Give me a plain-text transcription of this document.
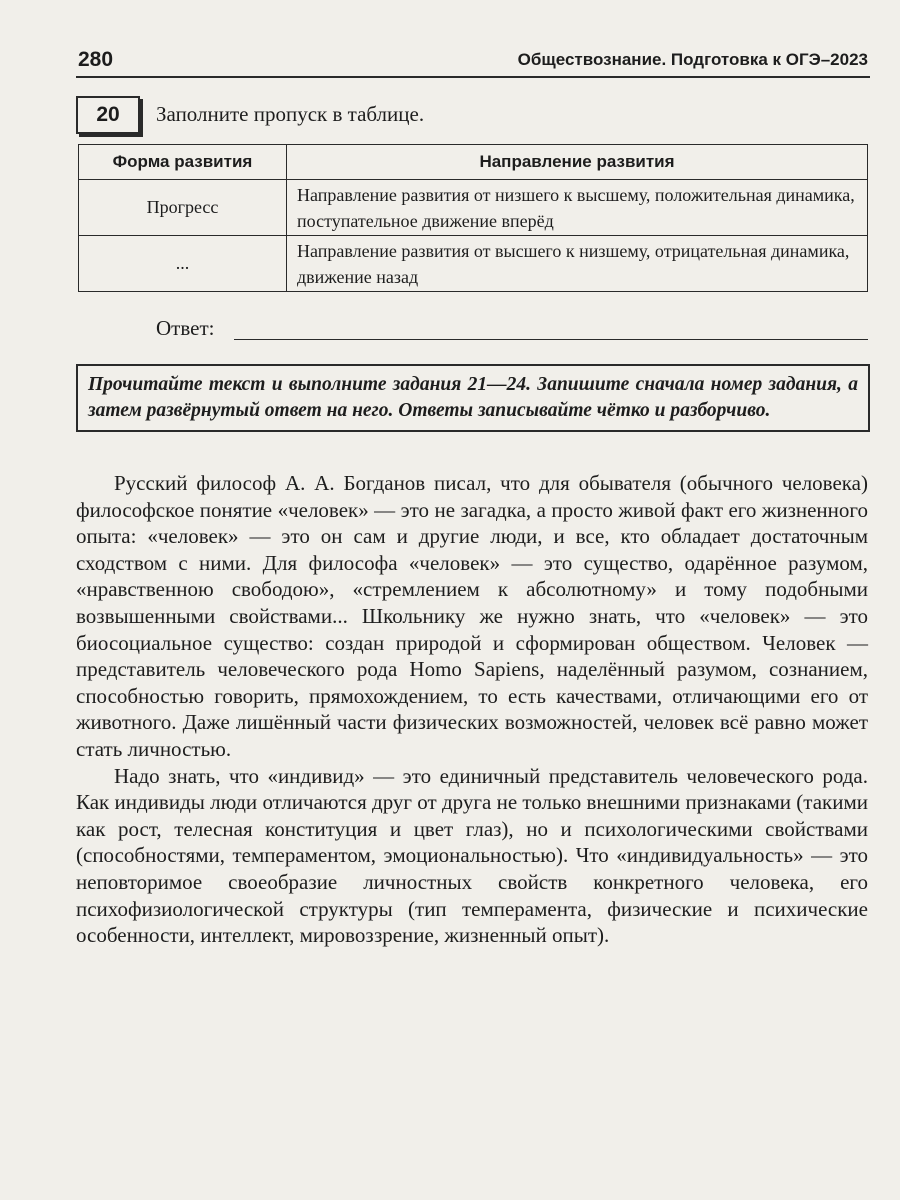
280	Обществознание. Подготовка к ОГЭ–2023
20	Заполните пропуск в таблице.
Форма развития	Направление развития
Прогресс	Направление развития от низшего к высшему, положительная динамика, поступательное движение вперёд
...	Направление развития от высшего к низшему, отрицательная динамика, движение назад
Ответ:
Прочитайте текст и выполните задания 21—24. Запишите сначала номер задания, а затем развёрнутый ответ на него. Ответы записывайте чётко и разборчиво.

Русский философ А. А. Богданов писал, что для обывателя (обычного человека) философское понятие «человек» — это не загадка, а просто живой факт его жизненного опыта: «человек» — это он сам и другие люди, и все, кто обладает достаточным сходством с ними. Для философа «человек» — это существо, одарённое разумом, «нравственною свободою», «стремлением к абсолютному» и тому подобными возвышенными свойствами... Школьнику же нужно знать, что «человек» — это биосоциальное существо: создан природой и сформирован обществом. Человек — представитель человеческого рода Homo Sapiens, наделённый разумом, сознанием, способностью говорить, прямохождением, то есть качествами, отличающими его от животного. Даже лишённый части физических возможностей, человек всё равно может стать личностью.

Надо знать, что «индивид» — это единичный представитель человеческого рода. Как индивиды люди отличаются друг от друга не только внешними признаками (такими как рост, телесная конституция и цвет глаз), но и психологическими свойствами (способностями, темпераментом, эмоциональностью). Что «индивидуальность» — это неповторимое своеобразие личностных свойств конкретного человека, его психофизиологической структуры (тип темперамента, физические и психические особенности, интеллект, мировоззрение, жизненный опыт).
